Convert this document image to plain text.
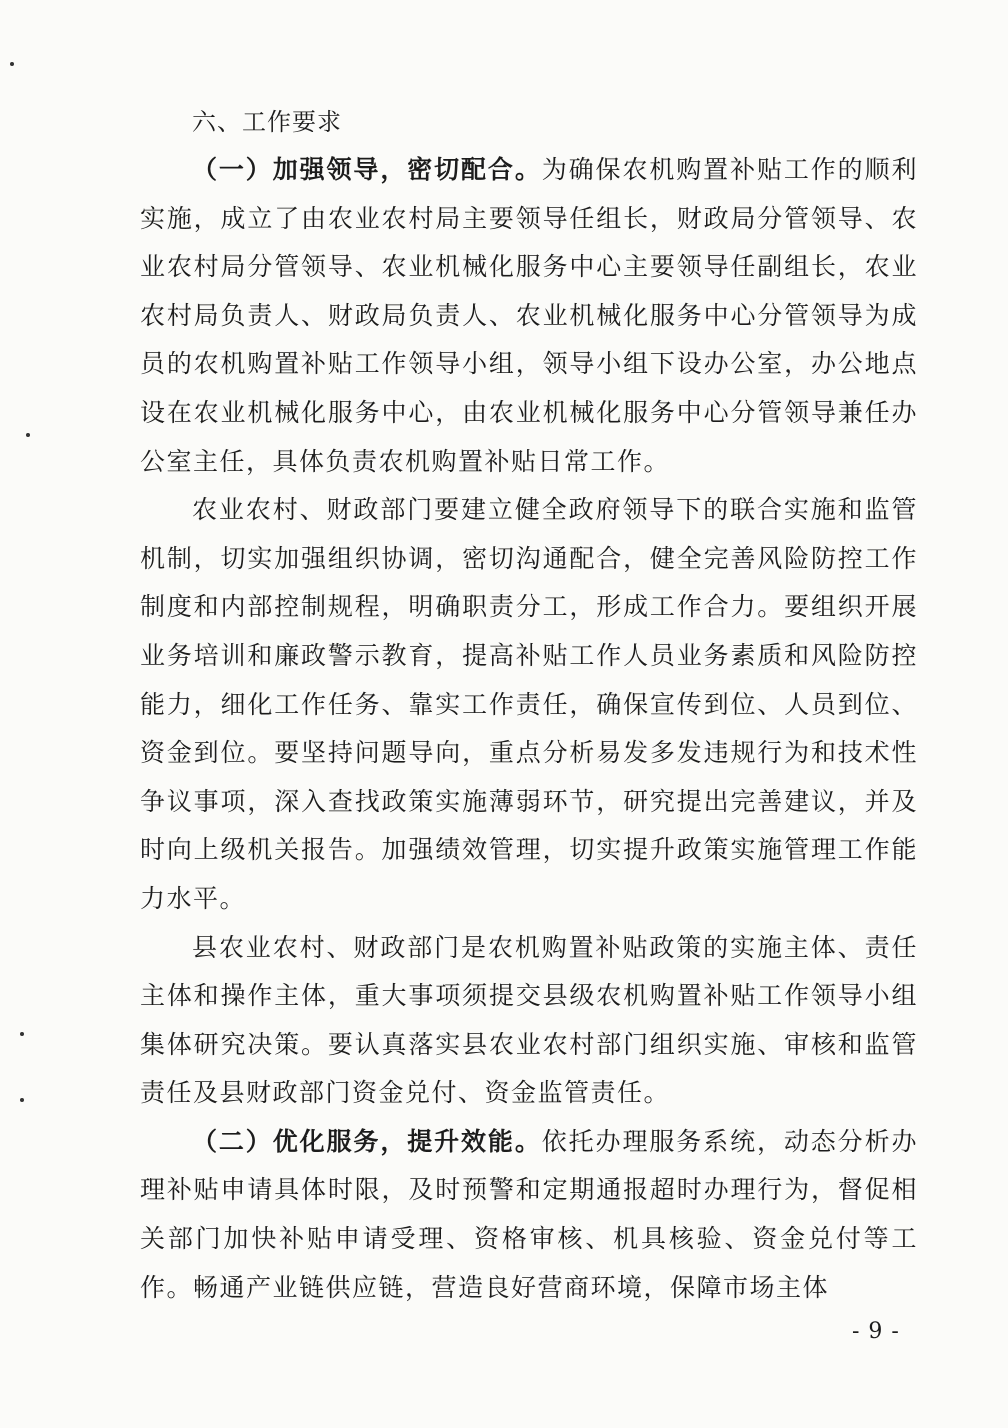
六、工作要求

（一）加强领导，密切配合。为确保农机购置补贴工作的顺利实施，成立了由农业农村局主要领导任组长，财政局分管领导、农业农村局分管领导、农业机械化服务中心主要领导任副组长，农业农村局负责人、财政局负责人、农业机械化服务中心分管领导为成员的农机购置补贴工作领导小组，领导小组下设办公室，办公地点设在农业机械化服务中心，由农业机械化服务中心分管领导兼任办公室主任，具体负责农机购置补贴日常工作。

农业农村、财政部门要建立健全政府领导下的联合实施和监管机制，切实加强组织协调，密切沟通配合，健全完善风险防控工作制度和内部控制规程，明确职责分工，形成工作合力。要组织开展业务培训和廉政警示教育，提高补贴工作人员业务素质和风险防控能力，细化工作任务、靠实工作责任，确保宣传到位、人员到位、资金到位。要坚持问题导向，重点分析易发多发违规行为和技术性争议事项，深入查找政策实施薄弱环节，研究提出完善建议，并及时向上级机关报告。加强绩效管理，切实提升政策实施管理工作能力水平。

县农业农村、财政部门是农机购置补贴政策的实施主体、责任主体和操作主体，重大事项须提交县级农机购置补贴工作领导小组集体研究决策。要认真落实县农业农村部门组织实施、审核和监管责任及县财政部门资金兑付、资金监管责任。

（二）优化服务，提升效能。依托办理服务系统，动态分析办理补贴申请具体时限，及时预警和定期通报超时办理行为，督促相关部门加快补贴申请受理、资格审核、机具核验、资金兑付等工作。畅通产业链供应链，营造良好营商环境，保障市场主体

- 9 -
